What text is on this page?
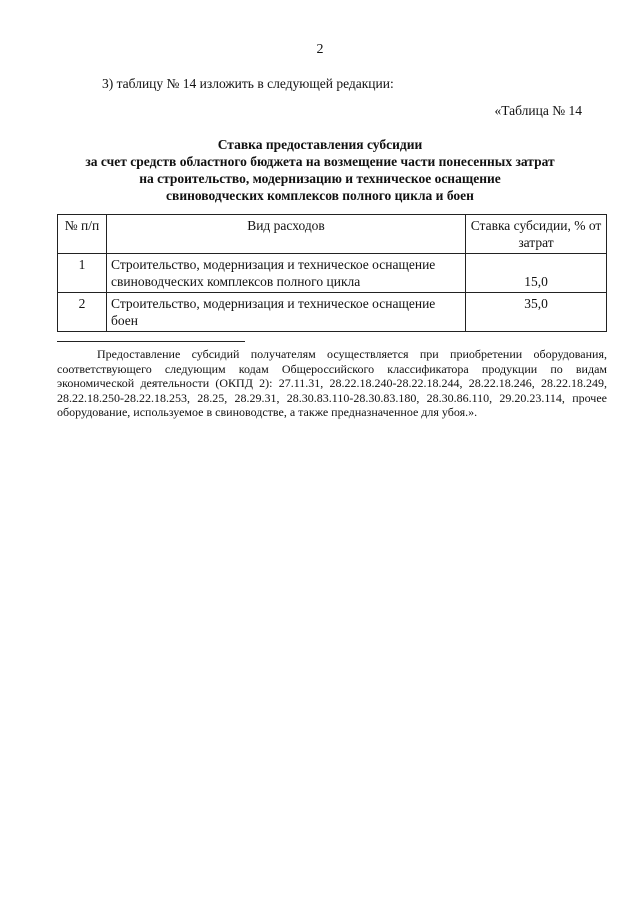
2
3) таблицу № 14 изложить в следующей редакции:
«Таблица № 14
Ставка предоставления субсидии
за счет средств областного бюджета на возмещение части понесенных затрат
на строительство, модернизацию и техническое оснащение
свиноводческих комплексов полного цикла и боен
№ п/п	Вид расходов	Ставка субсидии, % от затрат
1	Строительство, модернизация и техническое оснащение свиноводческих комплексов полного цикла	15,0
2	Строительство, модернизация и техническое оснащение боен	35,0
Предоставление субсидий получателям осуществляется при приобретении оборудования, соответствующего следующим кодам Общероссийского классификатора продукции по видам экономической деятельности (ОКПД 2): 27.11.31, 28.22.18.240-28.22.18.244, 28.22.18.246, 28.22.18.249, 28.22.18.250-28.22.18.253, 28.25, 28.29.31, 28.30.83.110-28.30.83.180, 28.30.86.110, 29.20.23.114, прочее оборудование, используемое в свиноводстве, а также предназначенное для убоя.».
